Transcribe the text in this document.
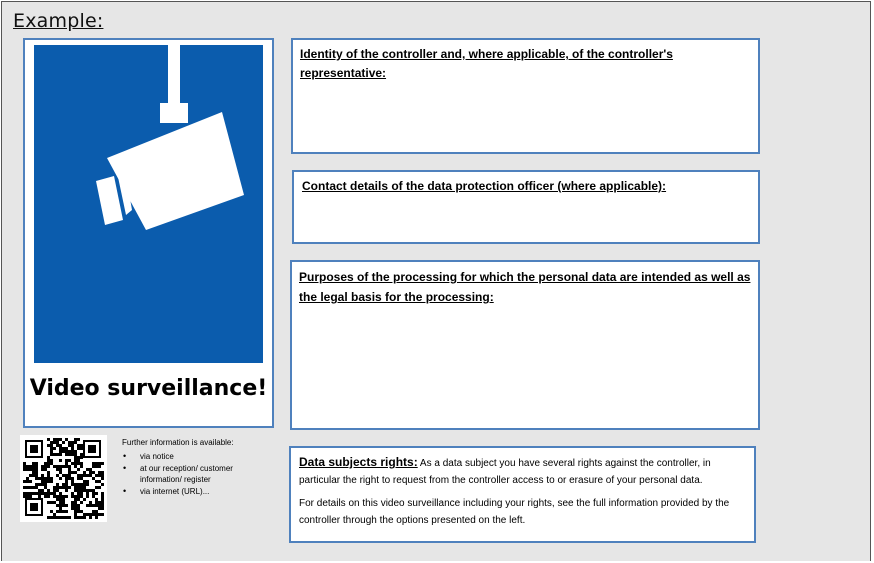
Example:
Video surveillance!
Identity of the controller and, where applicable, of the controller's representative:
Contact details of the data protection officer (where applicable):
Purposes of the processing for which the personal data are intended as well as the legal basis for the processing:
Further information is available:
• via notice
• at our reception/ customer information/ register
• via internet (URL)...

Data subjects rights: As a data subject you have several rights against the controller, in particular the right to request from the controller access to or erasure of your personal data.

For details on this video surveillance including your rights, see the full information provided by the controller through the options presented on the left.
